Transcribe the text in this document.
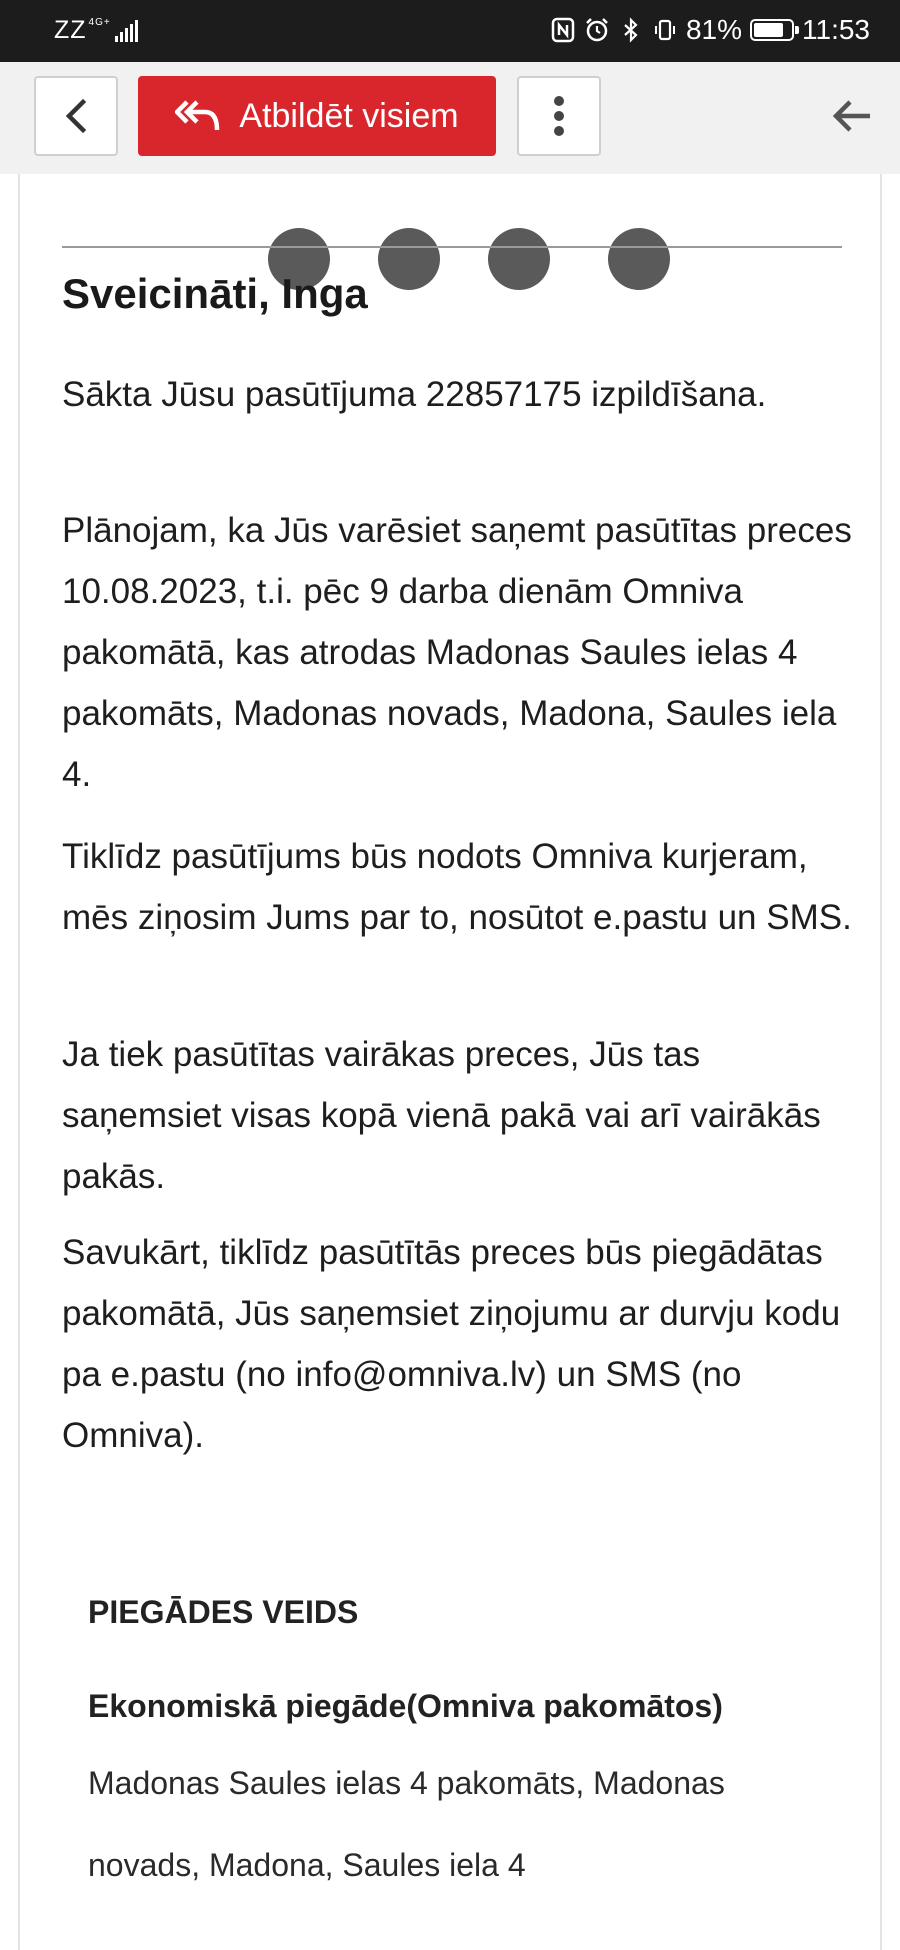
ZZ 4G+	81% 11:53
Atbildēt visiem
Sveicināti, Inga

Sākta Jūsu pasūtījuma 22857175 izpildīšana.

Plānojam, ka Jūs varēsiet saņemt pasūtītas preces 10.08.2023, t.i. pēc 9 darba dienām Omniva pakomātā, kas atrodas Madonas Saules ielas 4 pakomāts, Madonas novads, Madona, Saules iela 4.

Tiklīdz pasūtījums būs nodots Omniva kurjeram, mēs ziņosim Jums par to, nosūtot e.pastu un SMS.

Ja tiek pasūtītas vairākas preces, Jūs tas saņemsiet visas kopā vienā pakā vai arī vairākās pakās.

Savukārt, tiklīdz pasūtītās preces būs piegādātas pakomātā, Jūs saņemsiet ziņojumu ar durvju kodu pa e.pastu (no info@omniva.lv) un SMS (no Omniva).

PIEGĀDES VEIDS

Ekonomiskā piegāde(Omniva pakomātos)

Madonas Saules ielas 4 pakomāts, Madonas novads, Madona, Saules iela 4
